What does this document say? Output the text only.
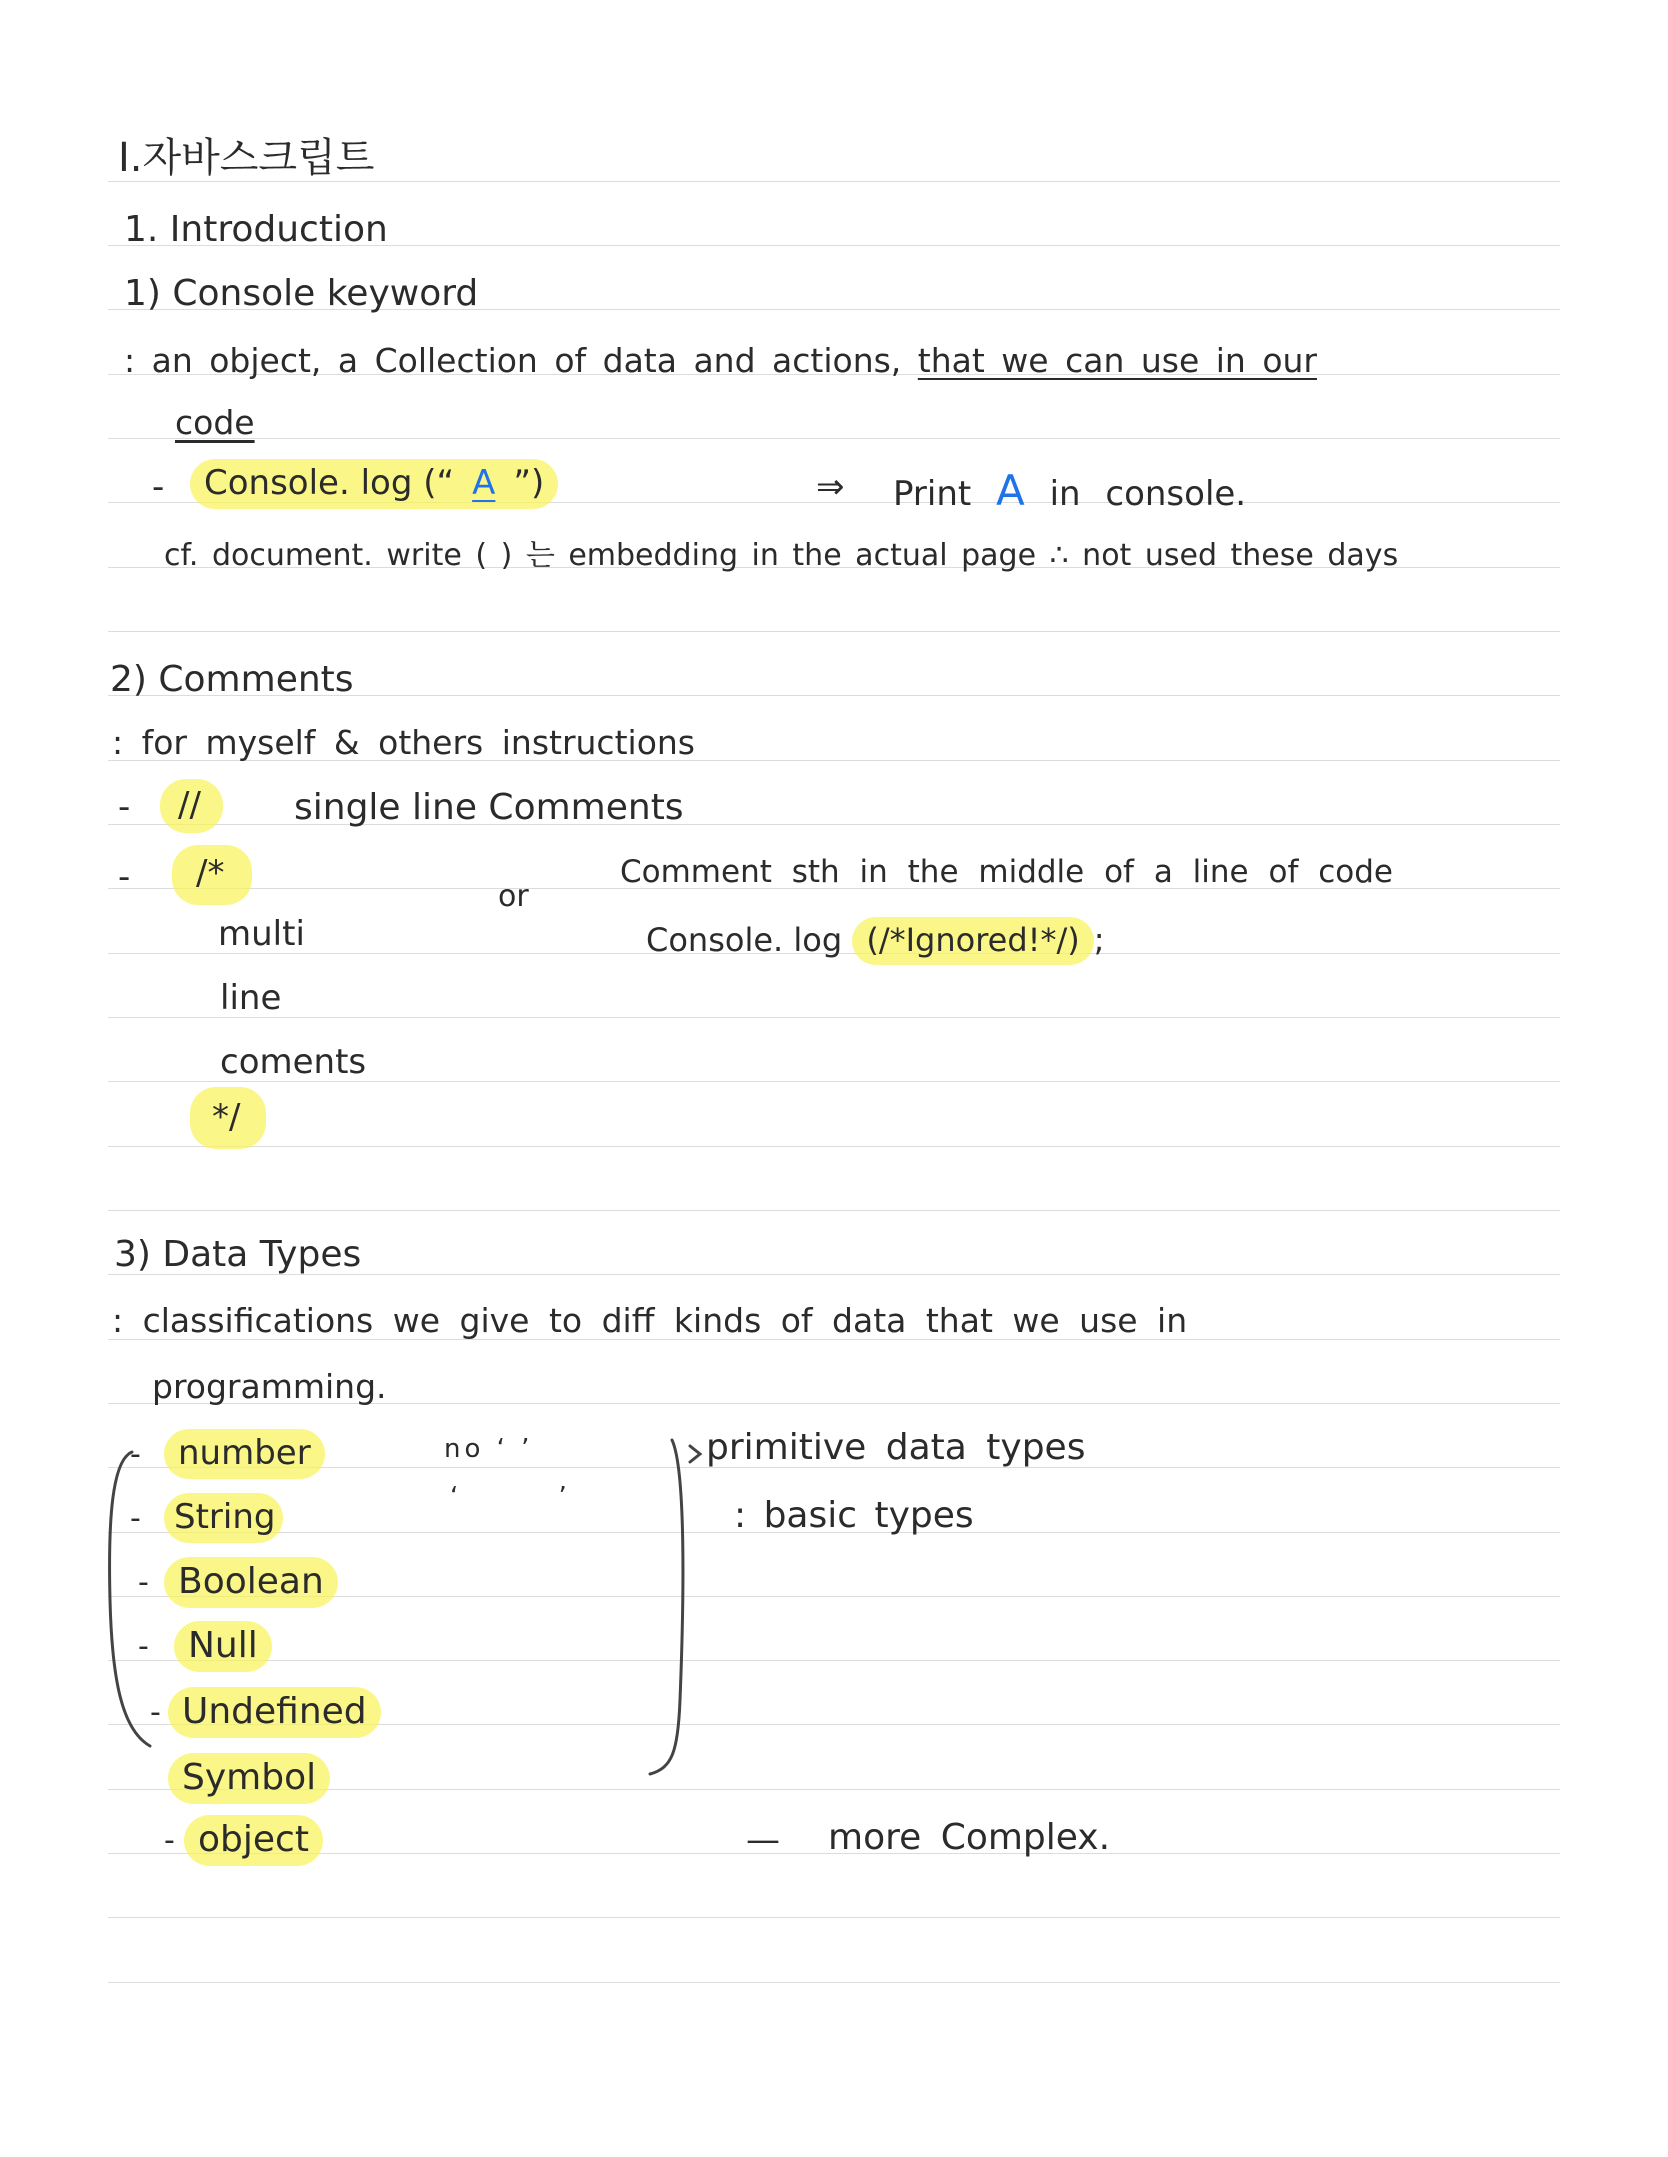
Ⅰ.자바스크립트
1. Introduction
1) Console keyword
: an object, a Collection of data and actions, that we can use in our
code
-	Console. log (“ A ”)	⇒ Print A in console.
cf. document. write ( ) 는 embedding in the actual page ∴ not used these days
2) Comments
: for myself & others instructions
-	//	single line Comments
-	/*
multi
line
coments
*/
or
Comment sth in the middle of a line of code
Console. log (/*Ignored!*/) ;
3) Data Types
: classifications we give to diff kinds of data that we use in
programming.
-	number
- String
- Boolean
-	Null
- Undefined
Symbol
- object
no ‘ ’
‘ ’
primitive data types
: basic types
— more Complex.
